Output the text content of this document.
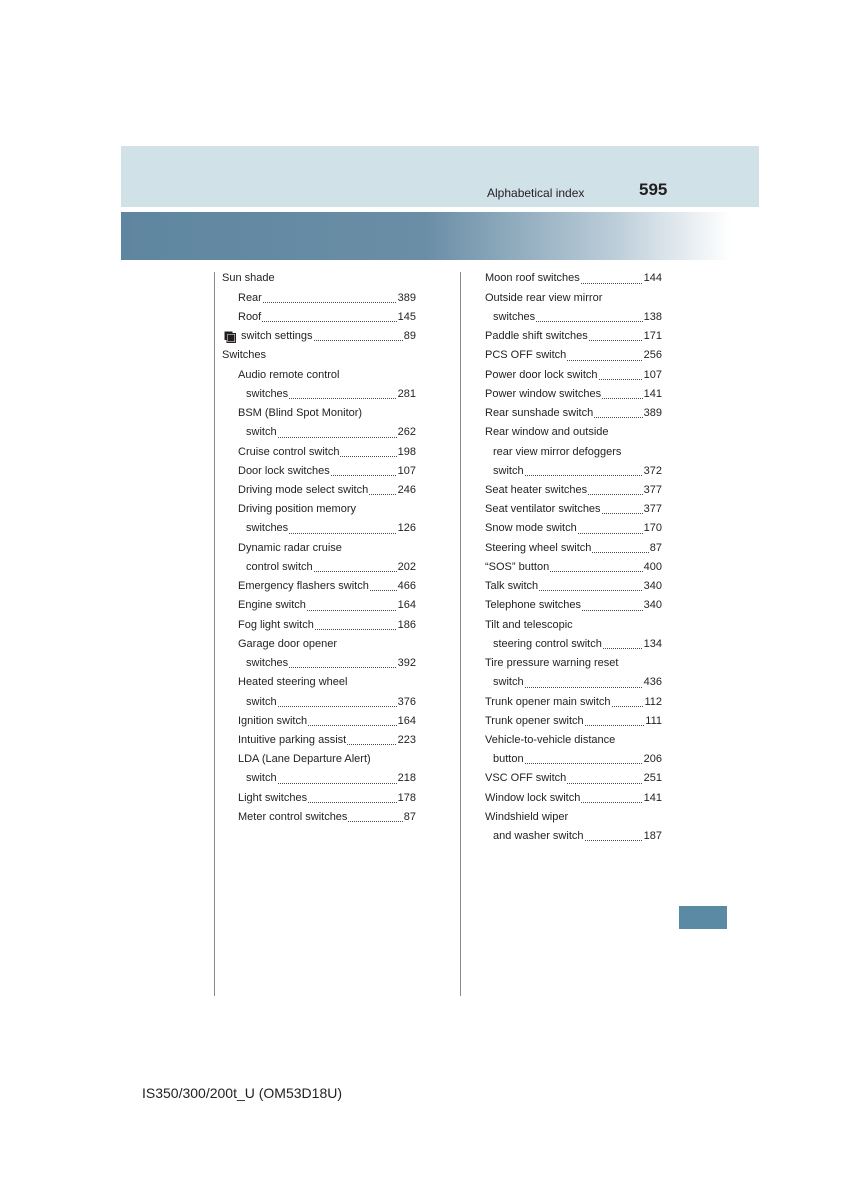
Alphabetical index	595
Sun shade
Rear	389
Roof	145
switch settings	89
Switches
Audio remote control
switches	281
BSM (Blind Spot Monitor)
switch	262
Cruise control switch	198
Door lock switches	107
Driving mode select switch	246
Driving position memory
switches	126
Dynamic radar cruise
control switch	202
Emergency flashers switch	466
Engine switch	164
Fog light switch	186
Garage door opener
switches	392
Heated steering wheel
switch	376
Ignition switch	164
Intuitive parking assist	223
LDA (Lane Departure Alert)
switch	218
Light switches	178
Meter control switches	87
Moon roof switches	144
Outside rear view mirror
switches	138
Paddle shift switches	171
PCS OFF switch	256
Power door lock switch	107
Power window switches	141
Rear sunshade switch	389
Rear window and outside
rear view mirror defoggers
switch	372
Seat heater switches	377
Seat ventilator switches	377
Snow mode switch	170
Steering wheel switch	87
“SOS” button	400
Talk switch	340
Telephone switches	340
Tilt and telescopic
steering control switch	134
Tire pressure warning reset
switch	436
Trunk opener main switch	112
Trunk opener switch	111
Vehicle-to-vehicle distance
button	206
VSC OFF switch	251
Window lock switch	141
Windshield wiper
and washer switch	187
IS350/300/200t_U (OM53D18U)
